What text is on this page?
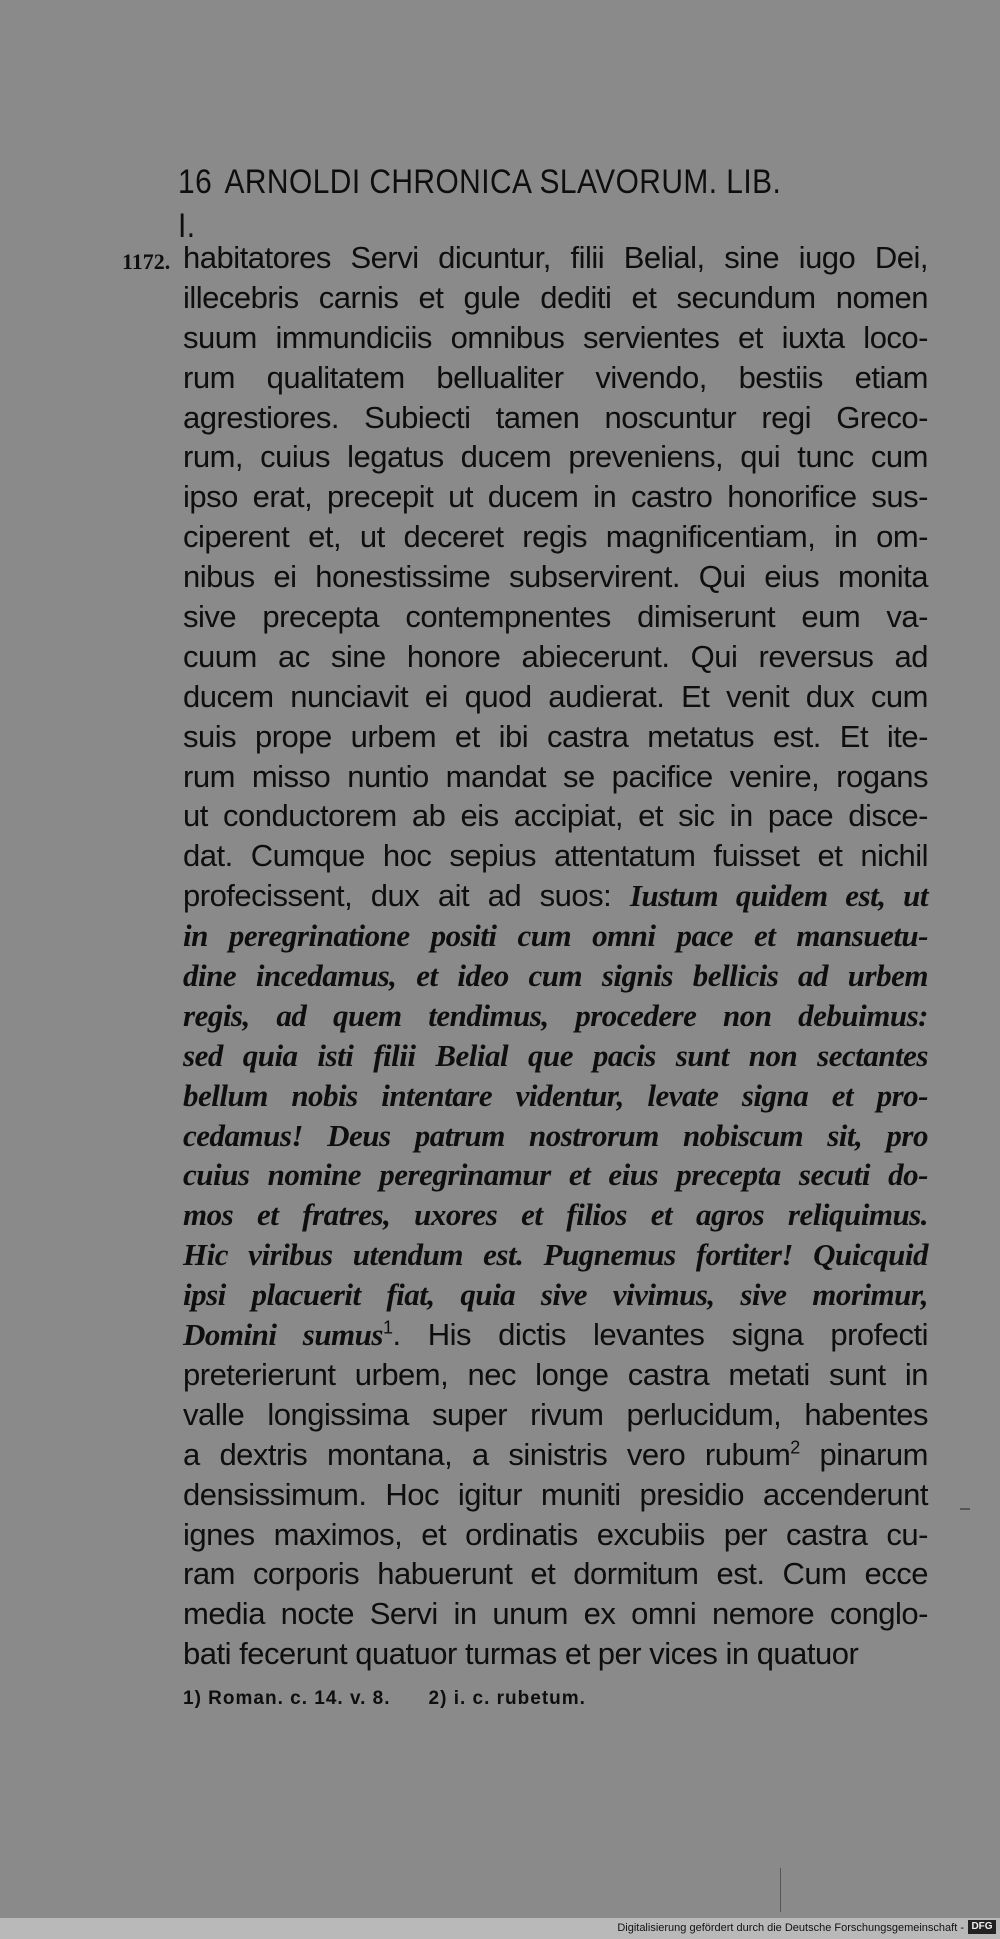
16 ARNOLDI CHRONICA SLAVORUM. LIB. I.
1172. habitatores Servi dicuntur, filii Belial, sine iugo Dei,
illecebris carnis et gule dediti et secundum nomen
suum immundiciis omnibus servientes et iuxta loco-
rum qualitatem bellualiter vivendo, bestiis etiam
agrestiores. Subiecti tamen noscuntur regi Greco-
rum, cuius legatus ducem preveniens, qui tunc cum
ipso erat, precepit ut ducem in castro honorifice sus-
ciperent et, ut deceret regis magnificentiam, in om-
nibus ei honestissime subservirent. Qui eius monita
sive precepta contempnentes dimiserunt eum va-
cuum ac sine honore abiecerunt. Qui reversus ad
ducem nunciavit ei quod audierat. Et venit dux cum
suis prope urbem et ibi castra metatus est. Et ite-
rum misso nuntio mandat se pacifice venire, rogans
ut conductorem ab eis accipiat, et sic in pace disce-
dat. Cumque hoc sepius attentatum fuisset et nichil
profecissent, dux ait ad suos: Iustum quidem est, ut
in peregrinatione positi cum omni pace et mansuetu-
dine incedamus, et ideo cum signis bellicis ad urbem
regis, ad quem tendimus, procedere non debuimus:
sed quia isti filii Belial que pacis sunt non sectantes
bellum nobis intentare videntur, levate signa et pro-
cedamus! Deus patrum nostrorum nobiscum sit, pro
cuius nomine peregrinamur et eius precepta secuti do-
mos et fratres, uxores et filios et agros reliquimus.
Hic viribus utendum est. Pugnemus fortiter! Quicquid
ipsi placuerit fiat, quia sive vivimus, sive morimur,
Domini sumus$^1$. His dictis levantes signa profecti
preterierunt urbem, nec longe castra metati sunt in
valle longissima super rivum perlucidum, habentes
a dextris montana, a sinistris vero rubum$^2$ pinarum
densissimum. Hoc igitur muniti presidio accenderunt
ignes maximos, et ordinatis excubiis per castra cu-
ram corporis habuerunt et dormitum est. Cum ecce
media nocte Servi in unum ex omni nemore conglo-
bati fecerunt quatuor turmas et per vices in quatuor
1) Roman. c. 14. v. 8. 2) i. c. rubetum.
Digitalisierung gefördert durch die Deutsche Forschungsgemeinschaft - DFG
